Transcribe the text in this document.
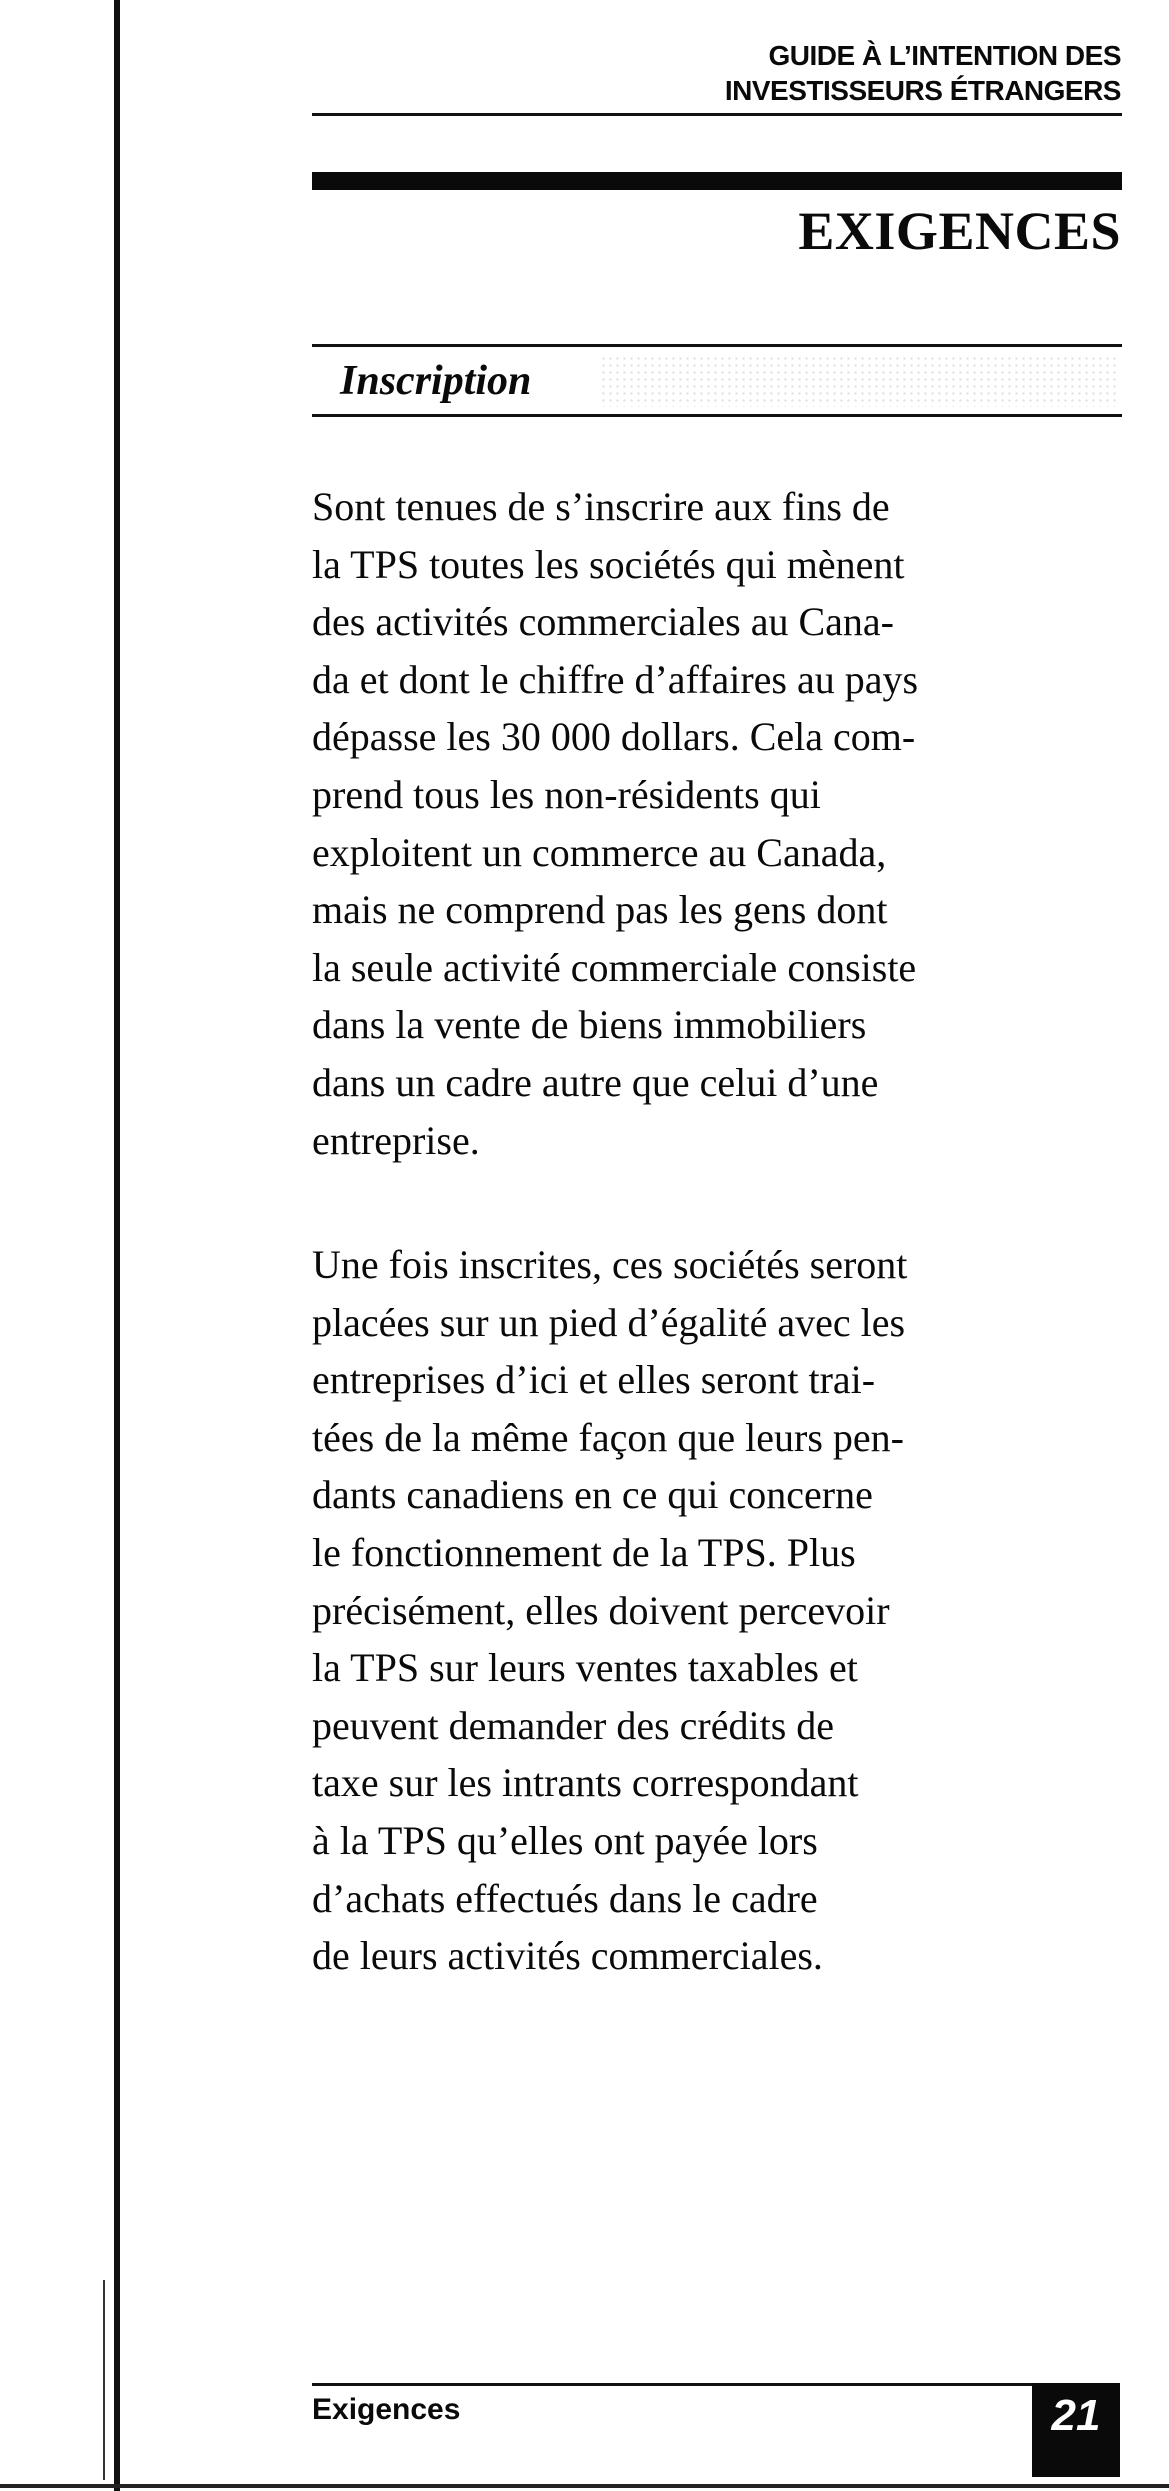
GUIDE À L’INTENTION DES
INVESTISSEURS ÉTRANGERS
EXIGENCES
Inscription
Sont tenues de s’inscrire aux fins de
la TPS toutes les sociétés qui mènent
des activités commerciales au Cana-
da et dont le chiffre d’affaires au pays
dépasse les 30 000 dollars. Cela com-
prend tous les non-résidents qui
exploitent un commerce au Canada,
mais ne comprend pas les gens dont
la seule activité commerciale consiste
dans la vente de biens immobiliers
dans un cadre autre que celui d’une
entreprise.
Une fois inscrites, ces sociétés seront
placées sur un pied d’égalité avec les
entreprises d’ici et elles seront trai-
tées de la même façon que leurs pen-
dants canadiens en ce qui concerne
le fonctionnement de la TPS. Plus
précisément, elles doivent percevoir
la TPS sur leurs ventes taxables et
peuvent demander des crédits de
taxe sur les intrants correspondant
à la TPS qu’elles ont payée lors
d’achats effectués dans le cadre
de leurs activités commerciales.
Exigences	21
